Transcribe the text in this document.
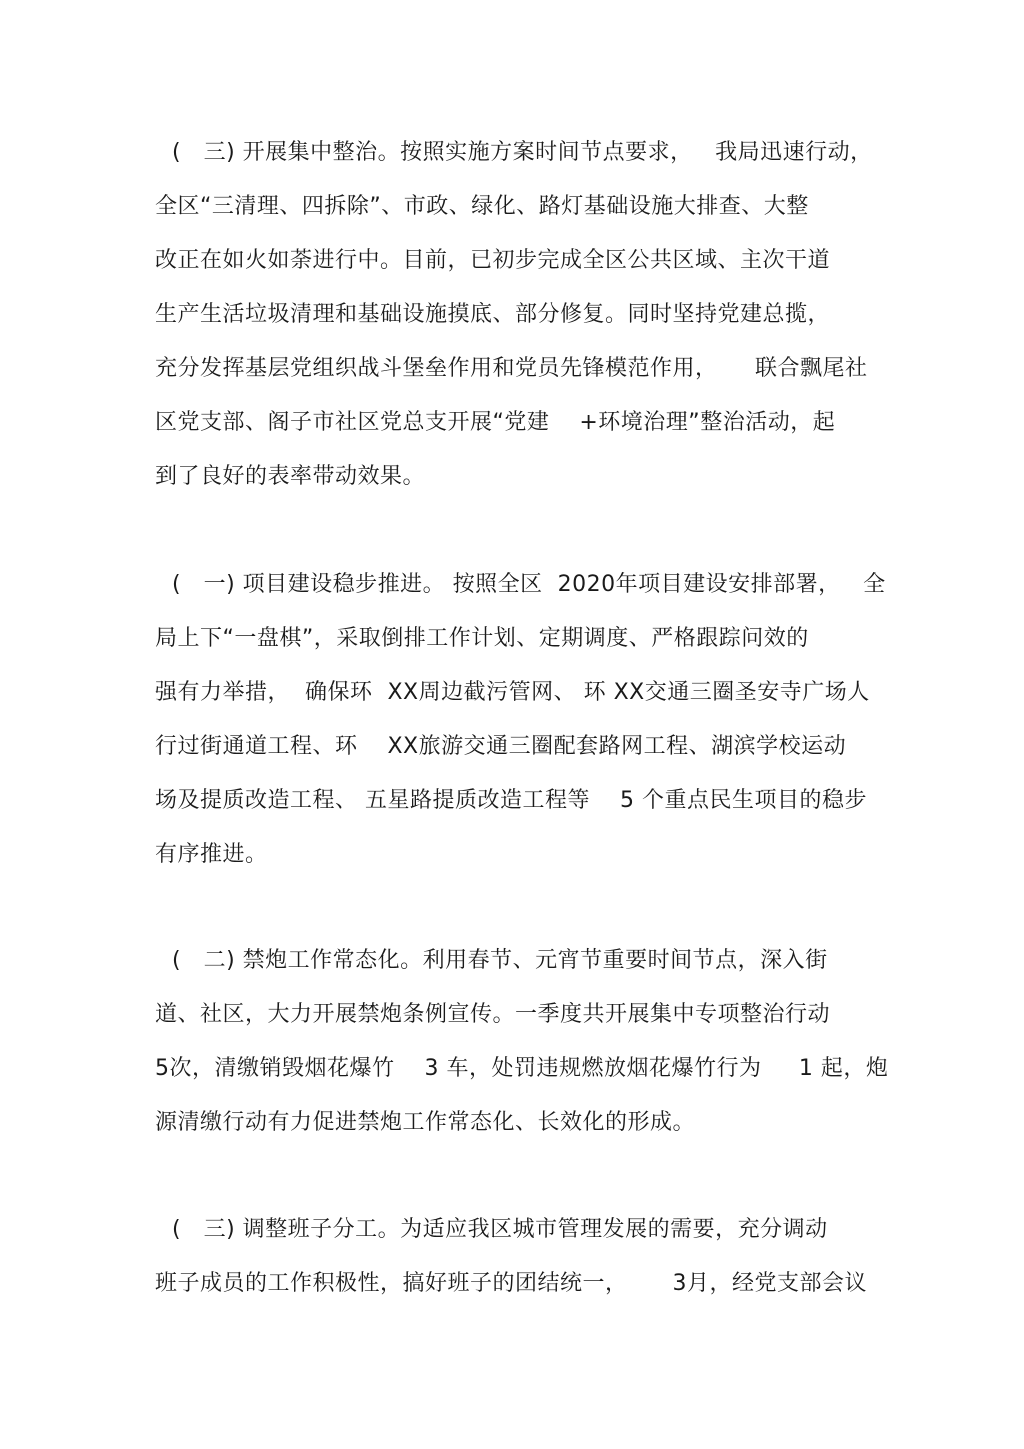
(   三) 开展集中整治。按照实施方案时间节点要求，   我局迅速行动，
全区“三清理、四拆除”、市政、绿化、路灯基础设施大排查、大整
改正在如火如荼进行中。目前，已初步完成全区公共区域、主次干道
生产生活垃圾清理和基础设施摸底、部分修复。同时坚持党建总揽，
充分发挥基层党组织战斗堡垒作用和党员先锋模范作用，     联合飘尾社
区党支部、阁子市社区党总支开展“党建    +环境治理”整治活动，起
到了良好的表率带动效果。
(   一) 项目建设稳步推进。 按照全区  2020年项目建设安排部署，   全
局上下“一盘棋”，采取倒排工作计划、定期调度、严格跟踪问效的
强有力举措，  确保环  XX周边截污管网、 环 XX交通三圈圣安寺广场人
行过街通道工程、环    XX旅游交通三圈配套路网工程、湖滨学校运动
场及提质改造工程、 五星路提质改造工程等    5 个重点民生项目的稳步
有序推进。
(   二) 禁炮工作常态化。利用春节、元宵节重要时间节点，深入街
道、社区，大力开展禁炮条例宣传。一季度共开展集中专项整治行动
5次，清缴销毁烟花爆竹    3 车，处罚违规燃放烟花爆竹行为     1 起，炮
源清缴行动有力促进禁炮工作常态化、长效化的形成。
(   三) 调整班子分工。为适应我区城市管理发展的需要，充分调动
班子成员的工作积极性，搞好班子的团结统一，      3月，经党支部会议
